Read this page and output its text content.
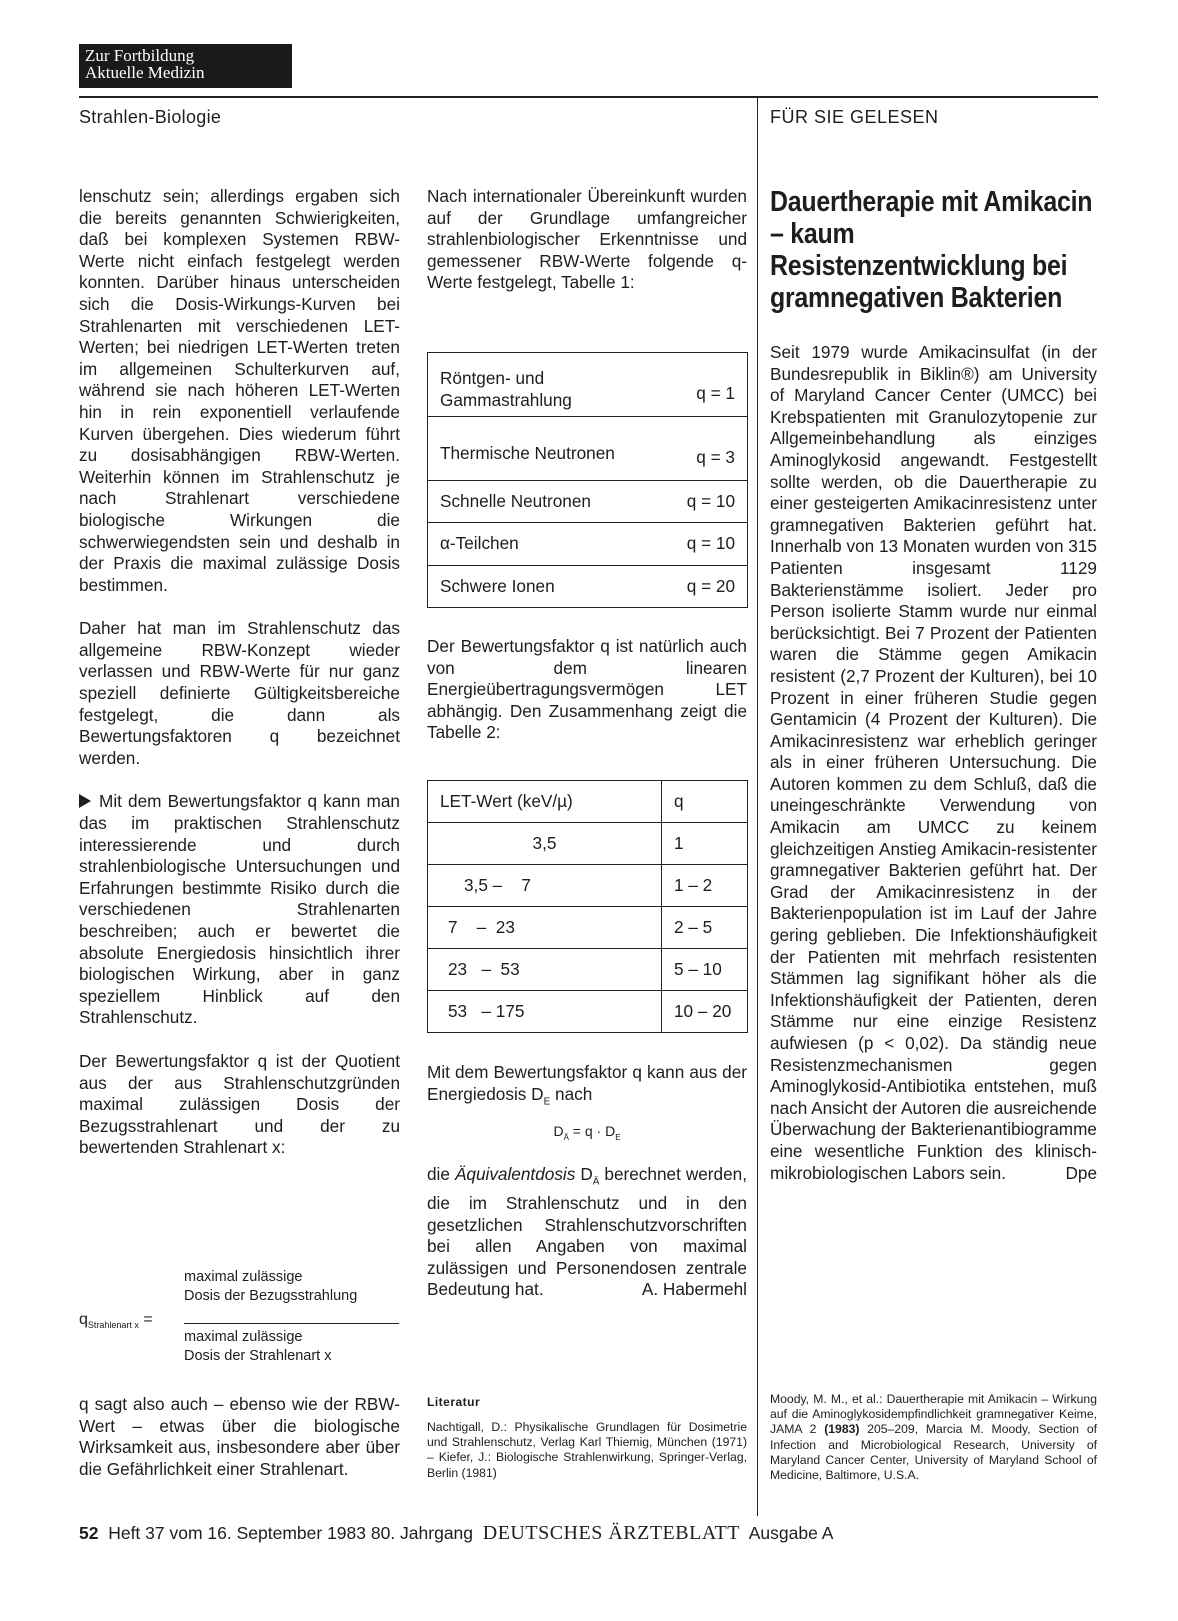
Zur Fortbildung
Aktuelle Medizin
Strahlen-Biologie	FÜR SIE GELESEN

lenschutz sein; allerdings ergaben sich die bereits genannten Schwierigkeiten, daß bei komplexen Systemen RBW-Werte nicht einfach festgelegt werden konnten. Darüber hinaus unterscheiden sich die Dosis-Wirkungs-Kurven bei Strahlenarten mit verschiedenen LET-Werten; bei niedrigen LET-Werten treten im allgemeinen Schulterkurven auf, während sie nach höheren LET-Werten hin in rein exponentiell verlaufende Kurven übergehen. Dies wiederum führt zu dosisabhängigen RBW-Werten. Weiterhin können im Strahlenschutz je nach Strahlenart verschiedene biologische Wirkungen die schwerwiegendsten sein und deshalb in der Praxis die maximal zulässige Dosis bestimmen.

Daher hat man im Strahlenschutz das allgemeine RBW-Konzept wieder verlassen und RBW-Werte für nur ganz speziell definierte Gültigkeitsbereiche festgelegt, die dann als Bewertungsfaktoren q bezeichnet werden.

Mit dem Bewertungsfaktor q kann man das im praktischen Strahlenschutz interessierende und durch strahlenbiologische Untersuchungen und Erfahrungen bestimmte Risiko durch die verschiedenen Strahlenarten beschreiben; auch er bewertet die absolute Energiedosis hinsichtlich ihrer biologischen Wirkung, aber in ganz speziellem Hinblick auf den Strahlenschutz.

Der Bewertungsfaktor q ist der Quotient aus der aus Strahlenschutzgründen maximal zulässigen Dosis der Bezugsstrahlenart und der zu bewertenden Strahlenart x:

maximal zulässige
Dosis der Bezugsstrahlung
$q_{Strahlenart x}$ =
maximal zulässige
Dosis der Strahlenart x

q sagt also auch – ebenso wie der RBW-Wert – etwas über die biologische Wirksamkeit aus, insbesondere aber über die Gefährlichkeit einer Strahlenart.

Nach internationaler Übereinkunft wurden auf der Grundlage umfangreicher strahlenbiologischer Erkenntnisse und gemessener RBW-Werte folgende q-Werte festgelegt, Tabelle 1:

Röntgen- und Gammastrahlung	q = 1
Thermische Neutronen	q = 3
Schnelle Neutronen	q = 10
α-Teilchen	q = 10
Schwere Ionen	q = 20

Der Bewertungsfaktor q ist natürlich auch von dem linearen Energieübertragungsvermögen LET abhängig. Den Zusammenhang zeigt die Tabelle 2:

LET-Wert (keV/µ)	q
3,5	1
3,5 –    7	1 – 2
7    –  23	2 – 5
23   –  53	5 – 10
53   – 175	10 – 20

Mit dem Bewertungsfaktor q kann aus der Energiedosis $D_E$ nach

$D_Ä = q \cdot D_E$

die Äquivalentdosis $D_Ä$ berechnet werden, die im Strahlenschutz und in den gesetzlichen Strahlenschutzvorschriften bei allen Angaben von maximal zulässigen und Personendosen zentrale Bedeutung hat.	A. Habermehl

Literatur
Nachtigall, D.: Physikalische Grundlagen für Dosimetrie und Strahlenschutz, Verlag Karl Thiemig, München (1971) – Kiefer, J.: Biologische Strahlenwirkung, Springer-Verlag, Berlin (1981)
Dauertherapie mit Amikacin – kaum Resistenzentwicklung bei gramnegativen Bakterien

Seit 1979 wurde Amikacinsulfat (in der Bundesrepublik in Biklin®) am University of Maryland Cancer Center (UMCC) bei Krebspatienten mit Granulozytopenie zur Allgemeinbehandlung als einziges Aminoglykosid angewandt. Festgestellt sollte werden, ob die Dauertherapie zu einer gesteigerten Amikacinresistenz unter gramnegativen Bakterien geführt hat. Innerhalb von 13 Monaten wurden von 315 Patienten insgesamt 1129 Bakterienstämme isoliert. Jeder pro Person isolierte Stamm wurde nur einmal berücksichtigt. Bei 7 Prozent der Patienten waren die Stämme gegen Amikacin resistent (2,7 Prozent der Kulturen), bei 10 Prozent in einer früheren Studie gegen Gentamicin (4 Prozent der Kulturen). Die Amikacinresistenz war erheblich geringer als in einer früheren Untersuchung. Die Autoren kommen zu dem Schluß, daß die uneingeschränkte Verwendung von Amikacin am UMCC zu keinem gleichzeitigen Anstieg Amikacin-resistenter gramnegativer Bakterien geführt hat. Der Grad der Amikacinresistenz in der Bakterienpopulation ist im Lauf der Jahre gering geblieben. Die Infektionshäufigkeit der Patienten mit mehrfach resistenten Stämmen lag signifikant höher als die Infektionshäufigkeit der Patienten, deren Stämme nur eine einzige Resistenz aufwiesen (p < 0,02). Da ständig neue Resistenzmechanismen gegen Aminoglykosid-Antibiotika entstehen, muß nach Ansicht der Autoren die ausreichende Überwachung der Bakterienantibiogramme eine wesentliche Funktion des klinisch-mikrobiologischen Labors sein.	Dpe

Moody, M. M., et al.: Dauertherapie mit Amikacin – Wirkung auf die Aminoglykosidempfindlichkeit gramnegativer Keime, JAMA 2 (1983) 205–209, Marcia M. Moody, Section of Infection and Microbiological Research, University of Maryland Cancer Center, University of Maryland School of Medicine, Baltimore, U.S.A.
52 Heft 37 vom 16. September 1983 80. Jahrgang DEUTSCHES ÄRZTEBLATT Ausgabe A
